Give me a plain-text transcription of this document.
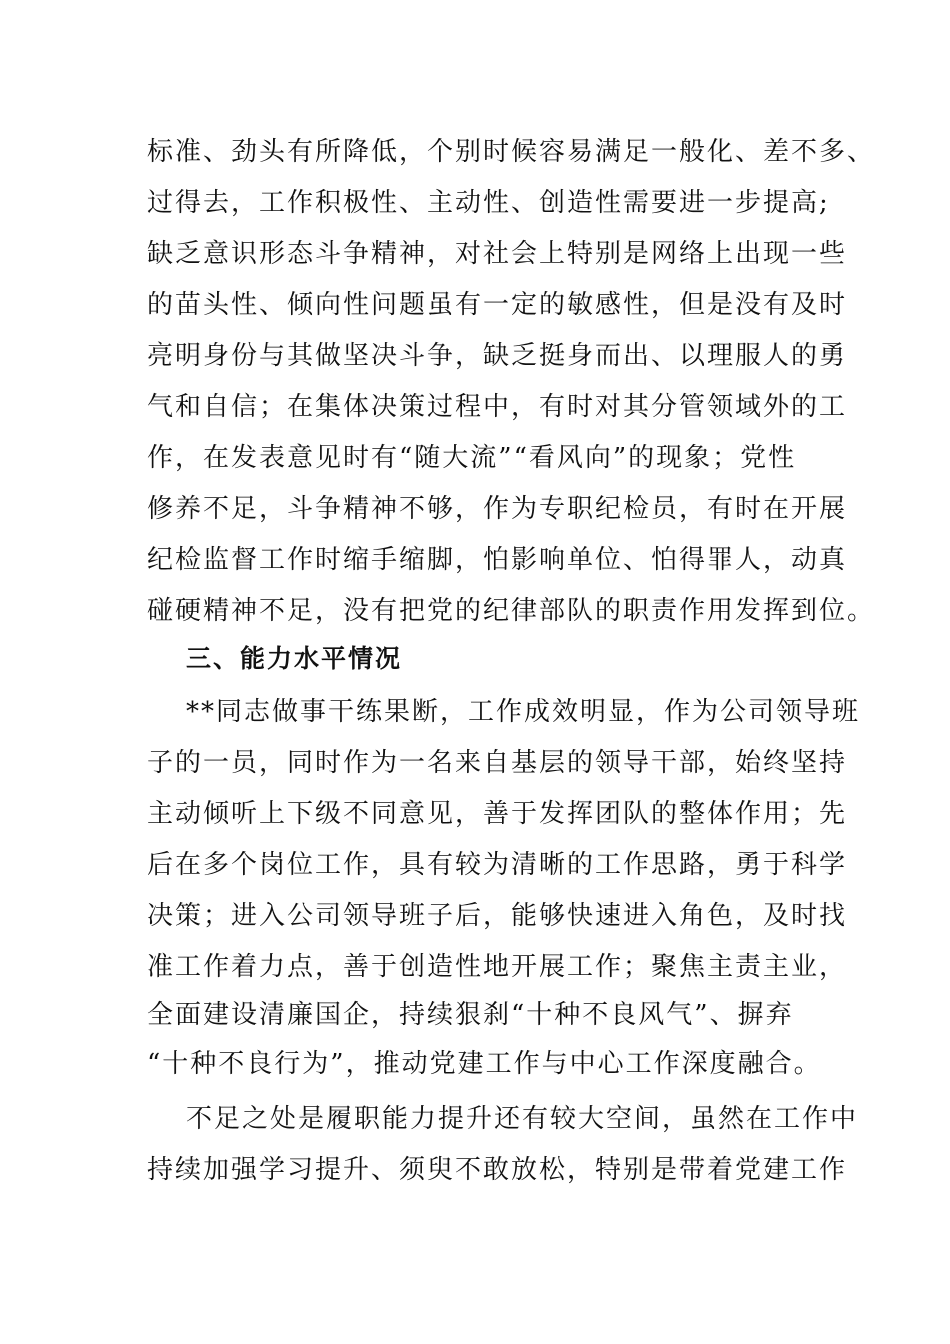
标准、劲头有所降低，个别时候容易满足一般化、差不多、
过得去，工作积极性、主动性、创造性需要进一步提高;
缺乏意识形态斗争精神，对社会上特别是网络上出现一些
的苗头性、倾向性问题虽有一定的敏感性，但是没有及时
亮明身份与其做坚决斗争，缺乏挺身而出、以理服人的勇
气和自信；在集体决策过程中，有时对其分管领域外的工
作，在发表意见时有“随大流”“看风向”的现象；党性
修养不足，斗争精神不够，作为专职纪检员，有时在开展
纪检监督工作时缩手缩脚，怕影响单位、怕得罪人，动真
碰硬精神不足，没有把党的纪律部队的职责作用发挥到位。
三、能力水平情况
**同志做事干练果断，工作成效明显，作为公司领导班
子的一员，同时作为一名来自基层的领导干部，始终坚持
主动倾听上下级不同意见，善于发挥团队的整体作用；先
后在多个岗位工作，具有较为清晰的工作思路，勇于科学
决策；进入公司领导班子后，能够快速进入角色，及时找
准工作着力点，善于创造性地开展工作；聚焦主责主业，
全面建设清廉国企，持续狠刹“十种不良风气”、摒弃
“十种不良行为”，推动党建工作与中心工作深度融合。
不足之处是履职能力提升还有较大空间，虽然在工作中
持续加强学习提升、须臾不敢放松，特别是带着党建工作
